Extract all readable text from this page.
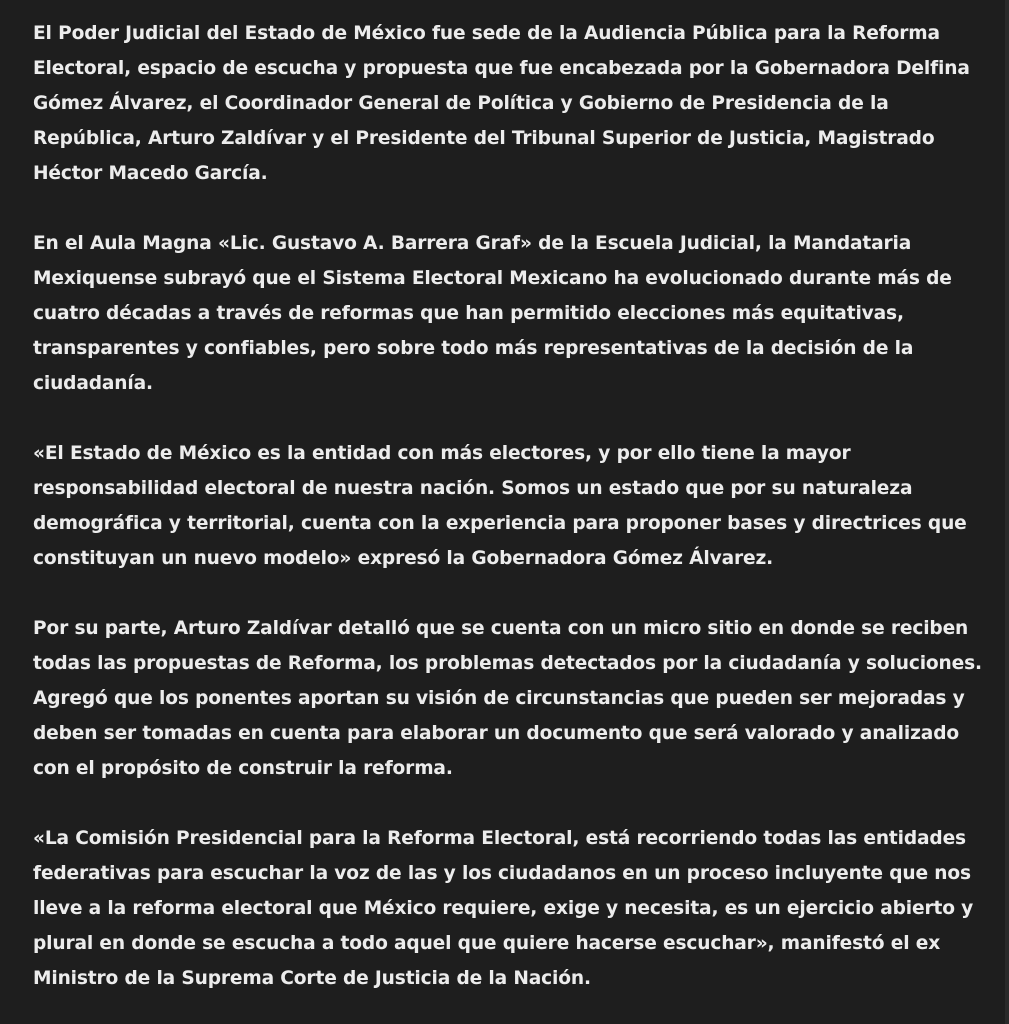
El Poder Judicial del Estado de México fue sede de la Audiencia Pública para la Reforma Electoral, espacio de escucha y propuesta que fue encabezada por la Gobernadora Delfina Gómez Álvarez, el Coordinador General de Política y Gobierno de Presidencia de la República, Arturo Zaldívar y el Presidente del Tribunal Superior de Justicia, Magistrado Héctor Macedo García.

En el Aula Magna «Lic. Gustavo A. Barrera Graf» de la Escuela Judicial, la Mandataria Mexiquense subrayó que el Sistema Electoral Mexicano ha evolucionado durante más de cuatro décadas a través de reformas que han permitido elecciones más equitativas, transparentes y confiables, pero sobre todo más representativas de la decisión de la ciudadanía.

«El Estado de México es la entidad con más electores, y por ello tiene la mayor responsabilidad electoral de nuestra nación. Somos un estado que por su naturaleza demográfica y territorial, cuenta con la experiencia para proponer bases y directrices que constituyan un nuevo modelo» expresó la Gobernadora Gómez Álvarez.

Por su parte, Arturo Zaldívar detalló que se cuenta con un micro sitio en donde se reciben todas las propuestas de Reforma, los problemas detectados por la ciudadanía y soluciones. Agregó que los ponentes aportan su visión de circunstancias que pueden ser mejoradas y deben ser tomadas en cuenta para elaborar un documento que será valorado y analizado con el propósito de construir la reforma.

«La Comisión Presidencial para la Reforma Electoral, está recorriendo todas las entidades federativas para escuchar la voz de las y los ciudadanos en un proceso incluyente que nos lleve a la reforma electoral que México requiere, exige y necesita, es un ejercicio abierto y plural en donde se escucha a todo aquel que quiere hacerse escuchar», manifestó el ex Ministro de la Suprema Corte de Justicia de la Nación.
